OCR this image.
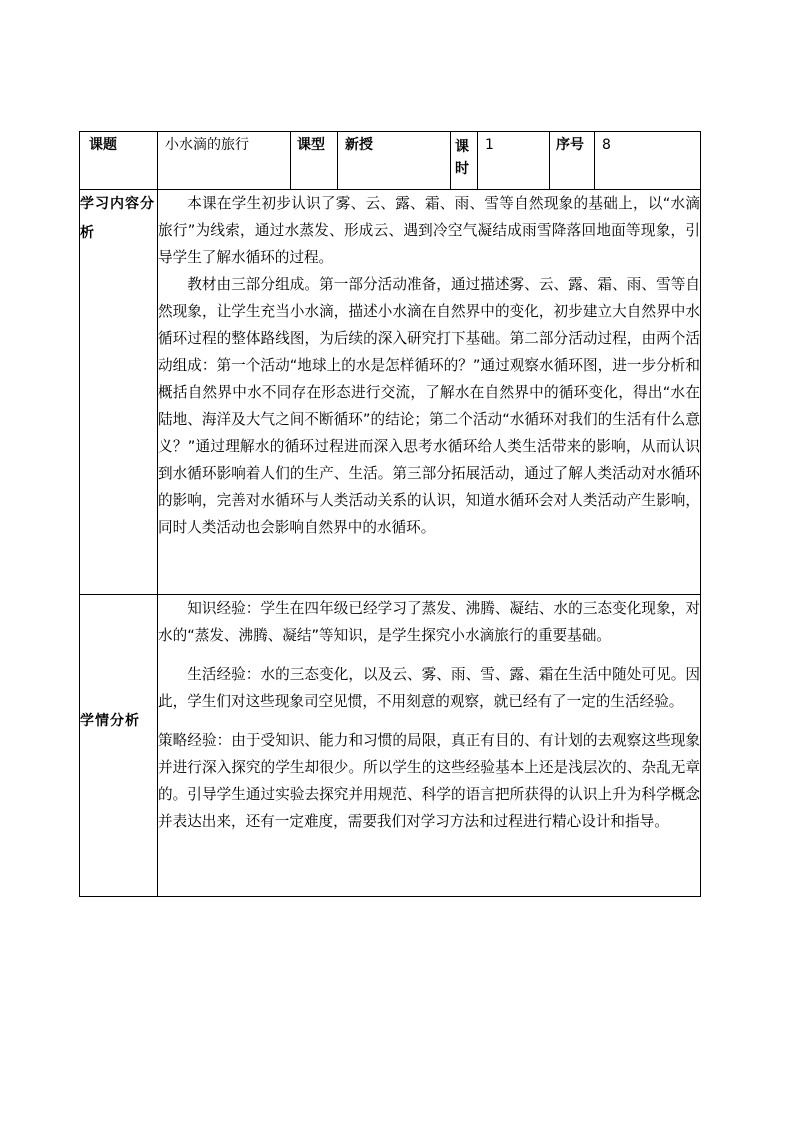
课题	小水滴的旅行	课型	新授	课时	1	序号	8
学习内容分析	本课在学生初步认识了雾、云、露、霜、雨、雪等自然现象的基础上，以“水滴旅行”为线索，通过水蒸发、形成云、遇到冷空气凝结成雨雪降落回地面等现象，引导学生了解水循环的过程。

教材由三部分组成。第一部分活动准备，通过描述雾、云、露、霜、雨、雪等自然现象，让学生充当小水滴，描述小水滴在自然界中的变化，初步建立大自然界中水循环过程的整体路线图，为后续的深入研究打下基础。第二部分活动过程，由两个活动组成：第一个活动“地球上的水是怎样循环的？”通过观察水循环图，进一步分析和概括自然界中水不同存在形态进行交流，了解水在自然界中的循环变化，得出“水在陆地、海洋及大气之间不断循环”的结论；第二个活动“水循环对我们的生活有什么意义？”通过理解水的循环过程进而深入思考水循环给人类生活带来的影响，从而认识到水循环影响着人们的生产、生活。第三部分拓展活动，通过了解人类活动对水循环的影响，完善对水循环与人类活动关系的认识，知道水循环会对人类活动产生影响，同时人类活动也会影响自然界中的水循环。						

学情分析	知识经验：学生在四年级已经学习了蒸发、沸腾、凝结、水的三态变化现象，对水的“蒸发、沸腾、凝结”等知识，是学生探究小水滴旅行的重要基础。

生活经验：水的三态变化，以及云、雾、雨、雪、露、霜在生活中随处可见。因此，学生们对这些现象司空见惯，不用刻意的观察，就已经有了一定的生活经验。

策略经验：由于受知识、能力和习惯的局限，真正有目的、有计划的去观察这些现象并进行深入探究的学生却很少。所以学生的这些经验基本上还是浅层次的、杂乱无章的。引导学生通过实验去探究并用规范、科学的语言把所获得的认识上升为科学概念并表达出来，还有一定难度，需要我们对学习方法和过程进行精心设计和指导。						
